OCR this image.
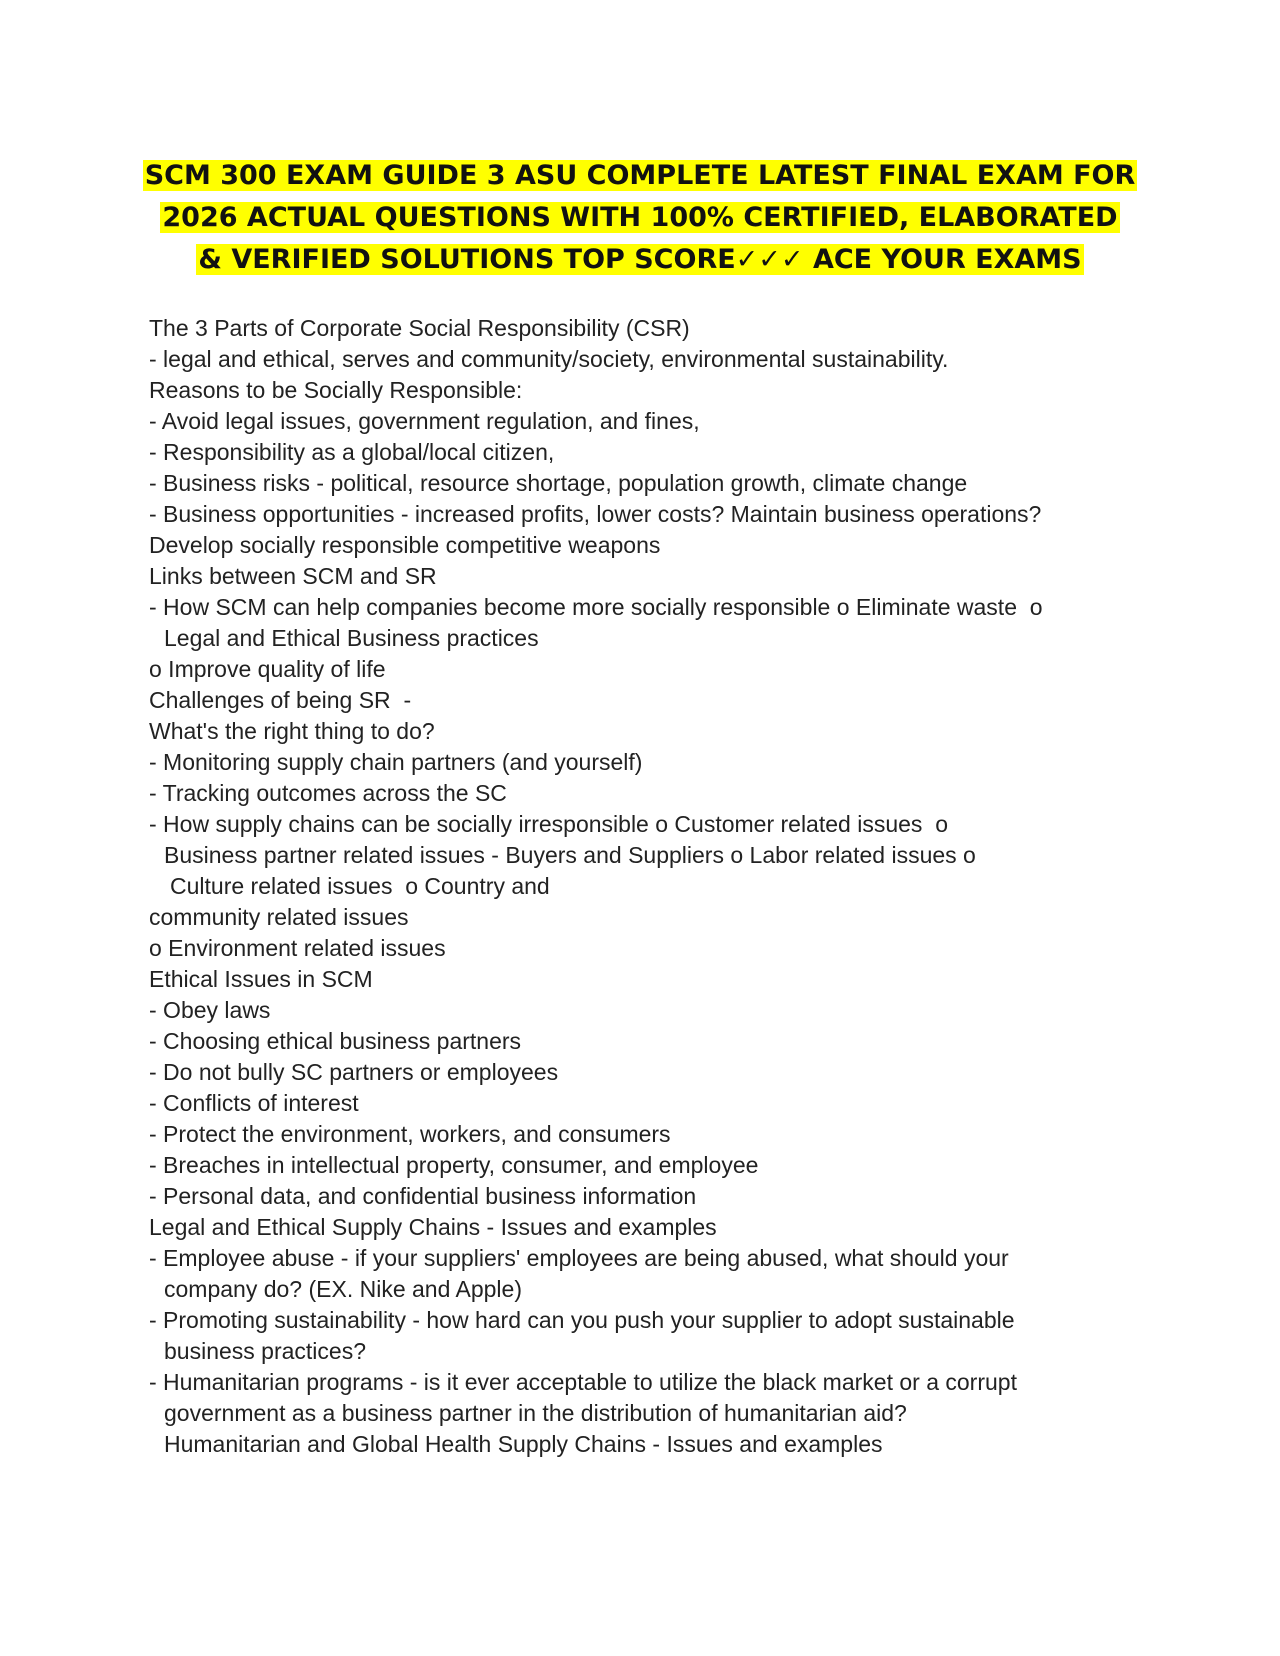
SCM 300 EXAM GUIDE 3 ASU COMPLETE LATEST FINAL EXAM FOR
2026 ACTUAL QUESTIONS WITH 100% CERTIFIED, ELABORATED
& VERIFIED SOLUTIONS TOP SCORE✓✓✓ ACE YOUR EXAMS
The 3 Parts of Corporate Social Responsibility (CSR)
- legal and ethical, serves and community/society, environmental sustainability.
Reasons to be Socially Responsible:
- Avoid legal issues, government regulation, and fines,
- Responsibility as a global/local citizen,
- Business risks - political, resource shortage, population growth, climate change
- Business opportunities - increased profits, lower costs? Maintain business operations?
Develop socially responsible competitive weapons
Links between SCM and SR
- How SCM can help companies become more socially responsible o Eliminate waste  o
Legal and Ethical Business practices
o Improve quality of life
Challenges of being SR  -
What's the right thing to do?
- Monitoring supply chain partners (and yourself)
- Tracking outcomes across the SC
- How supply chains can be socially irresponsible o Customer related issues  o
Business partner related issues - Buyers and Suppliers o Labor related issues o
Culture related issues  o Country and
community related issues
o Environment related issues
Ethical Issues in SCM
- Obey laws
- Choosing ethical business partners
- Do not bully SC partners or employees
- Conflicts of interest
- Protect the environment, workers, and consumers
- Breaches in intellectual property, consumer, and employee
- Personal data, and confidential business information
Legal and Ethical Supply Chains - Issues and examples
- Employee abuse - if your suppliers' employees are being abused, what should your
company do? (EX. Nike and Apple)
- Promoting sustainability - how hard can you push your supplier to adopt sustainable
business practices?
- Humanitarian programs - is it ever acceptable to utilize the black market or a corrupt
government as a business partner in the distribution of humanitarian aid?
Humanitarian and Global Health Supply Chains - Issues and examples
